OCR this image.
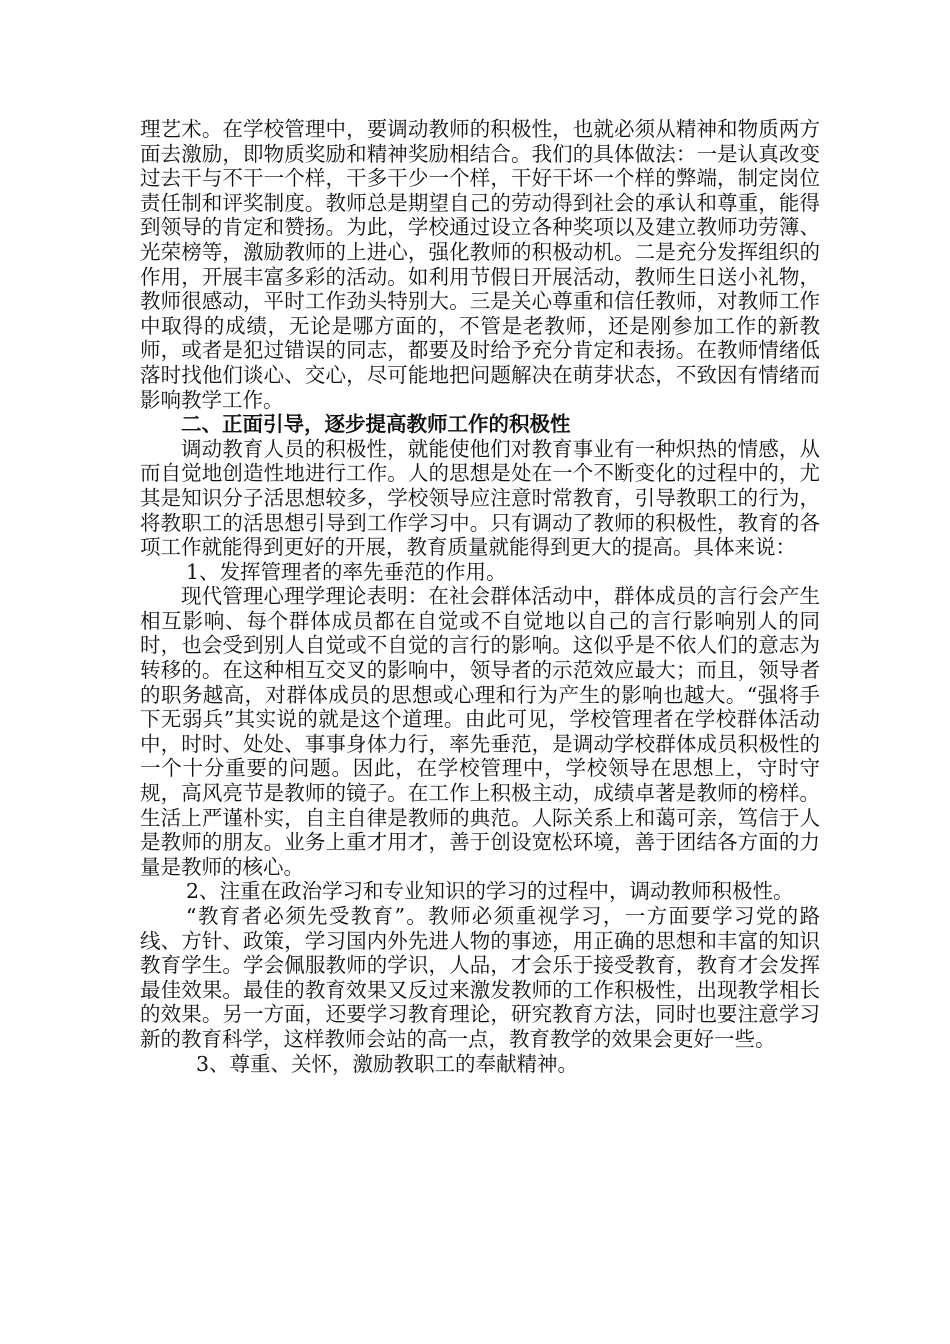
理艺术。在学校管理中，要调动教师的积极性，也就必须从精神和物质两方面去激励，即物质奖励和精神奖励相结合。我们的具体做法：一是认真改变过去干与不干一个样，干多干少一个样，干好干坏一个样的弊端，制定岗位责任制和评奖制度。教师总是期望自己的劳动得到社会的承认和尊重，能得到领导的肯定和赞扬。为此，学校通过设立各种奖项以及建立教师功劳簿、光荣榜等，激励教师的上进心，强化教师的积极动机。二是充分发挥组织的作用，开展丰富多彩的活动。如利用节假日开展活动，教师生日送小礼物，教师很感动，平时工作劲头特别大。三是关心尊重和信任教师，对教师工作中取得的成绩，无论是哪方面的，不管是老教师，还是刚参加工作的新教师，或者是犯过错误的同志，都要及时给予充分肯定和表扬。在教师情绪低落时找他们谈心、交心，尽可能地把问题解决在萌芽状态，不致因有情绪而影响教学工作。

二、正面引导，逐步提高教师工作的积极性

调动教育人员的积极性，就能使他们对教育事业有一种炽热的情感，从而自觉地创造性地进行工作。人的思想是处在一个不断变化的过程中的，尤其是知识分子活思想较多，学校领导应注意时常教育，引导教职工的行为，将教职工的活思想引导到工作学习中。只有调动了教师的积极性，教育的各项工作就能得到更好的开展，教育质量就能得到更大的提高。具体来说：

1、发挥管理者的率先垂范的作用。

现代管理心理学理论表明：在社会群体活动中，群体成员的言行会产生相互影响、每个群体成员都在自觉或不自觉地以自己的言行影响别人的同时，也会受到别人自觉或不自觉的言行的影响。这似乎是不依人们的意志为转移的。在这种相互交叉的影响中，领导者的示范效应最大；而且，领导者的职务越高，对群体成员的思想或心理和行为产生的影响也越大。“强将手下无弱兵”其实说的就是这个道理。由此可见，学校管理者在学校群体活动中，时时、处处、事事身体力行，率先垂范，是调动学校群体成员积极性的一个十分重要的问题。因此，在学校管理中，学校领导在思想上，守时守规，高风亮节是教师的镜子。在工作上积极主动，成绩卓著是教师的榜样。生活上严谨朴实，自主自律是教师的典范。人际关系上和蔼可亲，笃信于人是教师的朋友。业务上重才用才，善于创设宽松环境，善于团结各方面的力量是教师的核心。

2、注重在政治学习和专业知识的学习的过程中，调动教师积极性。

“教育者必须先受教育”。教师必须重视学习，一方面要学习党的路线、方针、政策，学习国内外先进人物的事迹，用正确的思想和丰富的知识教育学生。学会佩服教师的学识，人品，才会乐于接受教育，教育才会发挥最佳效果。最佳的教育效果又反过来激发教师的工作积极性，出现教学相长的效果。另一方面，还要学习教育理论，研究教育方法，同时也要注意学习新的教育科学，这样教师会站的高一点，教育教学的效果会更好一些。

3、尊重、关怀，激励教职工的奉献精神。
